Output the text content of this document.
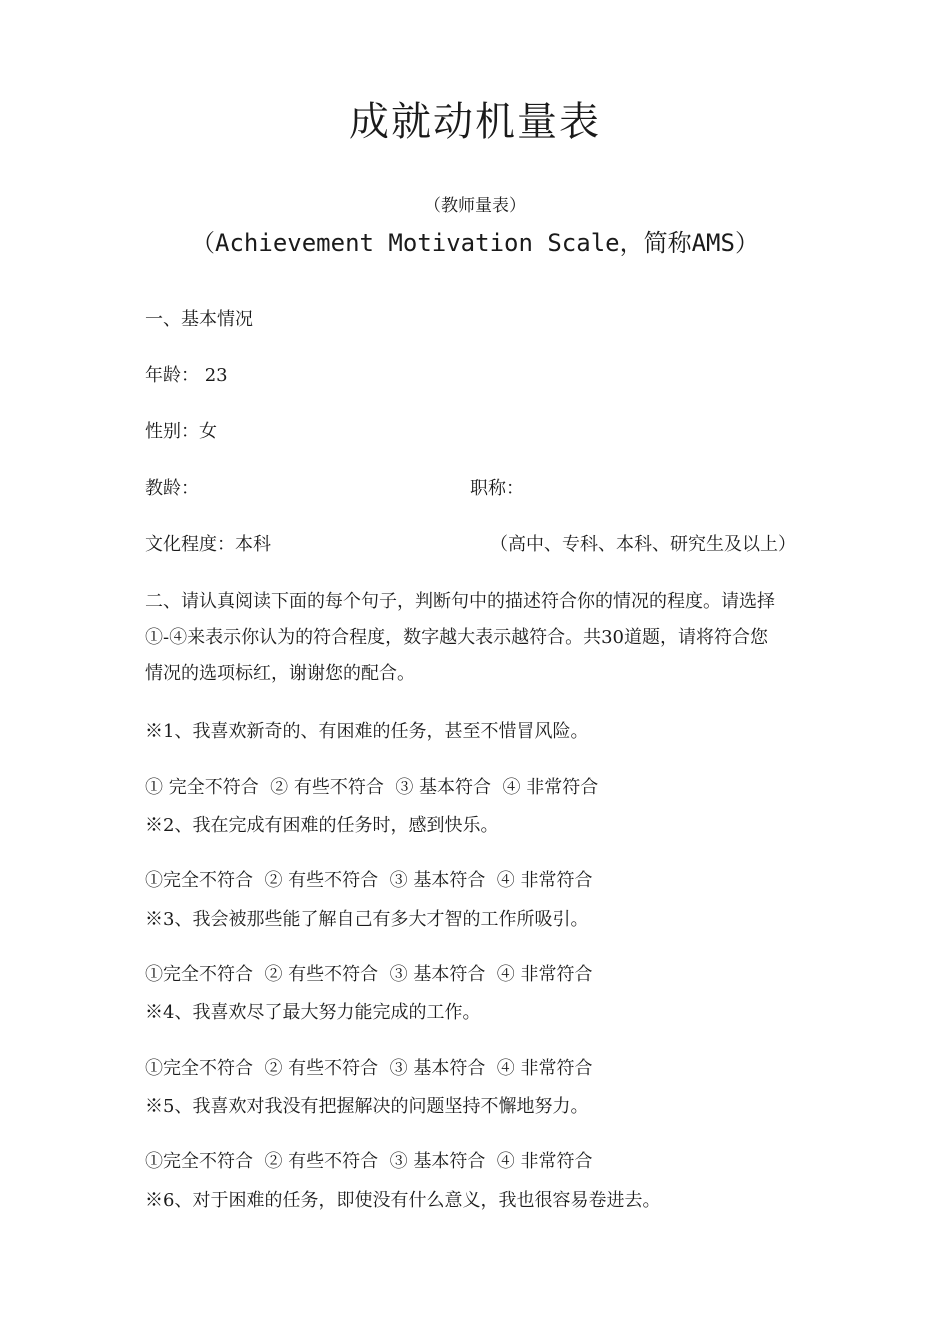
成就动机量表
（教师量表）
（Achievement Motivation Scale，简称AMS）
一、基本情况
年龄： 23
性别：女
教龄：	职称：
文化程度：本科	（高中、专科、本科、研究生及以上）
二、请认真阅读下面的每个句子，判断句中的描述符合你的情况的程度。请选择
①-④来表示你认为的符合程度，数字越大表示越符合。共30道题，请将符合您
情况的选项标红，谢谢您的配合。
※1、我喜欢新奇的、有困难的任务，甚至不惜冒风险。
① 完全不符合  ② 有些不符合  ③ 基本符合  ④ 非常符合
※2、我在完成有困难的任务时，感到快乐。
①完全不符合  ② 有些不符合  ③ 基本符合  ④ 非常符合
※3、我会被那些能了解自己有多大才智的工作所吸引。
①完全不符合  ② 有些不符合  ③ 基本符合  ④ 非常符合
※4、我喜欢尽了最大努力能完成的工作。
①完全不符合  ② 有些不符合  ③ 基本符合  ④ 非常符合
※5、我喜欢对我没有把握解决的问题坚持不懈地努力。
①完全不符合  ② 有些不符合  ③ 基本符合  ④ 非常符合
※6、对于困难的任务，即使没有什么意义，我也很容易卷进去。
